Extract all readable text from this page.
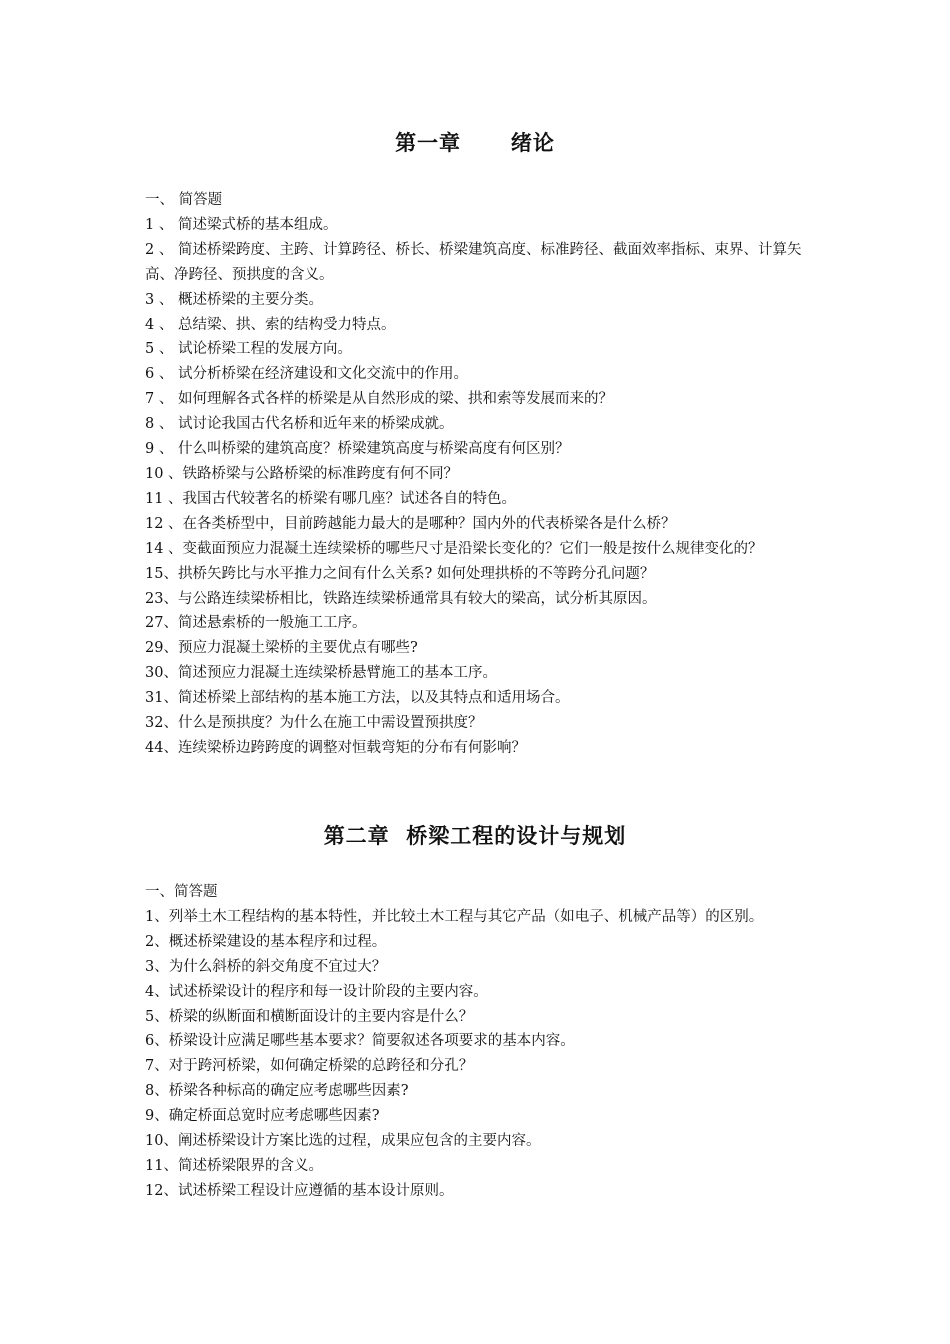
第一章      绪论
一、 简答题
1 、 简述梁式桥的基本组成。
2 、 简述桥梁跨度、主跨、计算跨径、桥长、桥梁建筑高度、标准跨径、截面效率指标、束界、计算矢高、净跨径、预拱度的含义。
3 、 概述桥梁的主要分类。
4 、 总结梁、拱、索的结构受力特点。
5 、 试论桥梁工程的发展方向。
6 、 试分析桥梁在经济建设和文化交流中的作用。
7 、 如何理解各式各样的桥梁是从自然形成的梁、拱和索等发展而来的？
8 、 试讨论我国古代名桥和近年来的桥梁成就。
9 、 什么叫桥梁的建筑高度？桥梁建筑高度与桥梁高度有何区别？
10 、铁路桥梁与公路桥梁的标准跨度有何不同？
11 、我国古代较著名的桥梁有哪几座？试述各自的特色。
12 、在各类桥型中，目前跨越能力最大的是哪种？国内外的代表桥梁各是什么桥？
14 、变截面预应力混凝土连续梁桥的哪些尺寸是沿梁长变化的？它们一般是按什么规律变化的？
15、拱桥矢跨比与水平推力之间有什么关系? 如何处理拱桥的不等跨分孔问题？
23、与公路连续梁桥相比，铁路连续梁桥通常具有较大的梁高，试分析其原因。
27、简述悬索桥的一般施工工序。
29、预应力混凝土梁桥的主要优点有哪些?
30、简述预应力混凝土连续梁桥悬臂施工的基本工序。
31、简述桥梁上部结构的基本施工方法，以及其特点和适用场合。
32、什么是预拱度？为什么在施工中需设置预拱度？
44、连续梁桥边跨跨度的调整对恒载弯矩的分布有何影响？
第二章  桥梁工程的设计与规划
一、简答题
1、列举土木工程结构的基本特性，并比较土木工程与其它产品（如电子、机械产品等）的区别。
2、概述桥梁建设的基本程序和过程。
3、为什么斜桥的斜交角度不宜过大？
4、试述桥梁设计的程序和每一设计阶段的主要内容。
5、桥梁的纵断面和横断面设计的主要内容是什么？
6、桥梁设计应满足哪些基本要求？简要叙述各项要求的基本内容。
7、对于跨河桥梁，如何确定桥梁的总跨径和分孔？
8、桥梁各种标高的确定应考虑哪些因素?
9、确定桥面总宽时应考虑哪些因素?
10、阐述桥梁设计方案比选的过程，成果应包含的主要内容。
11、简述桥梁限界的含义。
12、试述桥梁工程设计应遵循的基本设计原则。
